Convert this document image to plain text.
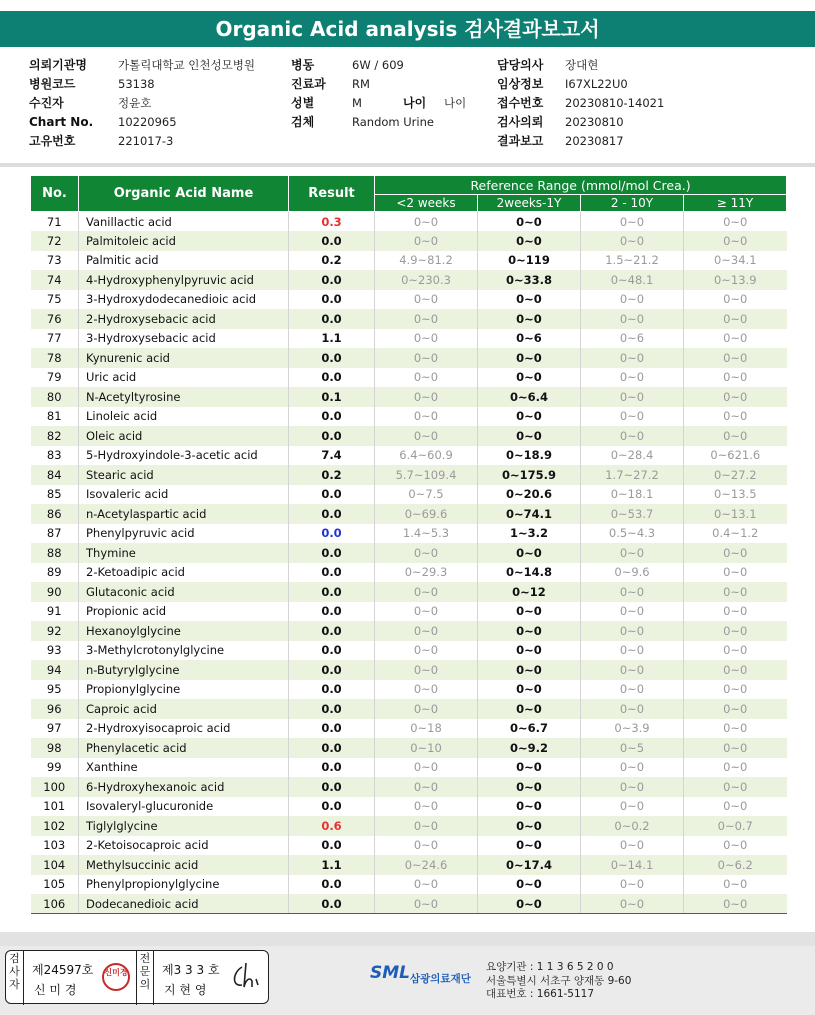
Organic Acid analysis 검사결과보고서
의뢰기관명	가톨릭대학교 인천성모병원	병동	6W / 609	담당의사 장대현
병원코드	53138	진료과 RM	임상정보 I67XL22U0
수진자	정윤호	성별	M	나이 나이	접수번호 20230810-14021
Chart No. 10220965	검체	Random Urine	검사의뢰 20230810
고유번호	221017-3	결과보고 20230817
No.	Organic Acid Name	Result	Reference Range (mmol/mol Crea.)			
			<2 weeks	2weeks-1Y	2 - 10Y	≥ 11Y
71	Vanillactic acid	0.3	0~0	0~0	0~0	0~0
72	Palmitoleic acid	0.0	0~0	0~0	0~0	0~0
73	Palmitic acid	0.2	4.9~81.2	0~119	1.5~21.2	0~34.1
74	4-Hydroxyphenylpyruvic acid	0.0	0~230.3	0~33.8	0~48.1	0~13.9
75	3-Hydroxydodecanedioic acid	0.0	0~0	0~0	0~0	0~0
76	2-Hydroxysebacic acid	0.0	0~0	0~0	0~0	0~0
77	3-Hydroxysebacic acid	1.1	0~0	0~6	0~6	0~0
78	Kynurenic acid	0.0	0~0	0~0	0~0	0~0
79	Uric acid	0.0	0~0	0~0	0~0	0~0
80	N-Acetyltyrosine	0.1	0~0	0~6.4	0~0	0~0
81	Linoleic acid	0.0	0~0	0~0	0~0	0~0
82	Oleic acid	0.0	0~0	0~0	0~0	0~0
83	5-Hydroxyindole-3-acetic acid	7.4	6.4~60.9	0~18.9	0~28.4	0~621.6
84	Stearic acid	0.2	5.7~109.4	0~175.9	1.7~27.2	0~27.2
85	Isovaleric acid	0.0	0~7.5	0~20.6	0~18.1	0~13.5
86	n-Acetylaspartic acid	0.0	0~69.6	0~74.1	0~53.7	0~13.1
87	Phenylpyruvic acid	0.0	1.4~5.3	1~3.2	0.5~4.3	0.4~1.2
88	Thymine	0.0	0~0	0~0	0~0	0~0
89	2-Ketoadipic acid	0.0	0~29.3	0~14.8	0~9.6	0~0
90	Glutaconic acid	0.0	0~0	0~12	0~0	0~0
91	Propionic acid	0.0	0~0	0~0	0~0	0~0
92	Hexanoylglycine	0.0	0~0	0~0	0~0	0~0
93	3-Methylcrotonylglycine	0.0	0~0	0~0	0~0	0~0
94	n-Butyrylglycine	0.0	0~0	0~0	0~0	0~0
95	Propionylglycine	0.0	0~0	0~0	0~0	0~0
96	Caproic acid	0.0	0~0	0~0	0~0	0~0
97	2-Hydroxyisocaproic acid	0.0	0~18	0~6.7	0~3.9	0~0
98	Phenylacetic acid	0.0	0~10	0~9.2	0~5	0~0
99	Xanthine	0.0	0~0	0~0	0~0	0~0
100	6-Hydroxyhexanoic acid	0.0	0~0	0~0	0~0	0~0
101	Isovaleryl-glucuronide	0.0	0~0	0~0	0~0	0~0
102	Tiglylglycine	0.6	0~0	0~0	0~0.2	0~0.7
103	2-Ketoisocaproic acid	0.0	0~0	0~0	0~0	0~0
104	Methylsuccinic acid	1.1	0~24.6	0~17.4	0~14.1	0~6.2
105	Phenylpropionylglycine	0.0	0~0	0~0	0~0	0~0
106	Dodecanedioic acid	0.0	0~0	0~0	0~0	0~0
검사자
제24597호
신 미 경
신미경
전문의
제3 3 3 호
지 현 영
SML 삼광의료재단
요양기관 : 1 1 3 6 5 2 0 0
서울특별시 서초구 양재동 9-60
대표번호 : 1661-5117
